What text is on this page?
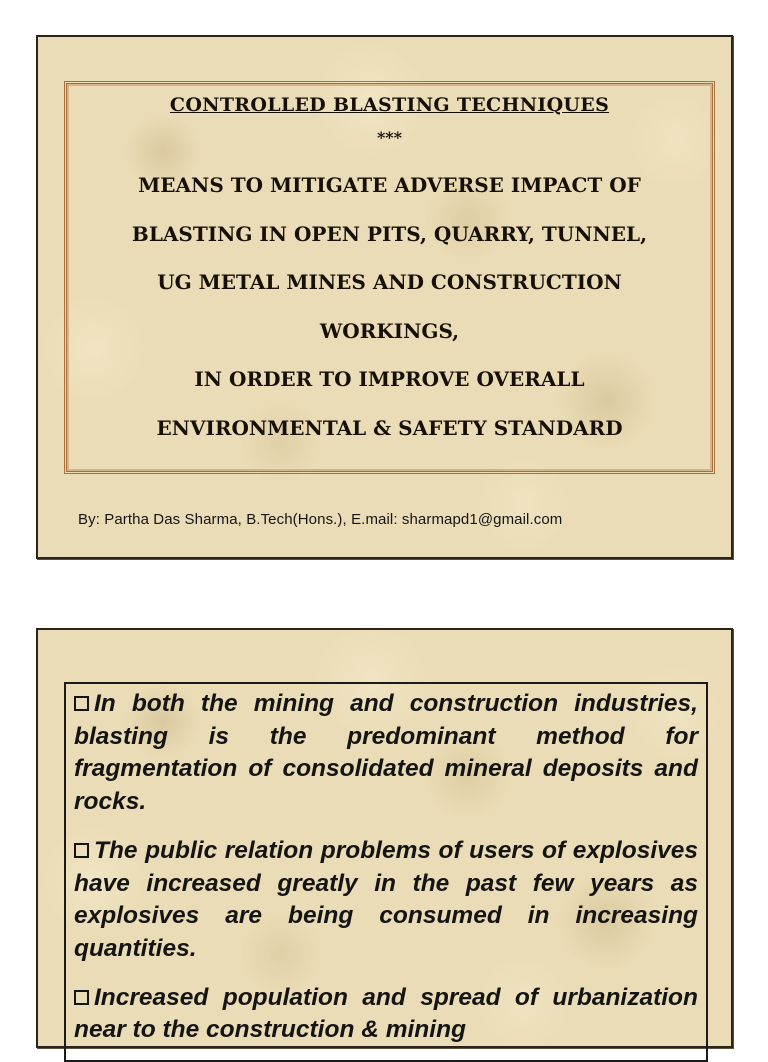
CONTROLLED BLASTING TECHNIQUES
***
MEANS TO MITIGATE ADVERSE IMPACT OF
BLASTING IN OPEN PITS, QUARRY, TUNNEL,
UG METAL MINES AND CONSTRUCTION
WORKINGS,
IN ORDER TO IMPROVE OVERALL
ENVIRONMENTAL & SAFETY STANDARD
By: Partha Das Sharma, B.Tech(Hons.), E.mail: sharmapd1@gmail.com

In both the mining and construction industries, blasting is the predominant method for fragmentation of consolidated mineral deposits and rocks.

The public relation problems of users of explosives have increased greatly in the past few years as explosives are being consumed in increasing quantities.

Increased population and spread of urbanization near to the construction & mining
